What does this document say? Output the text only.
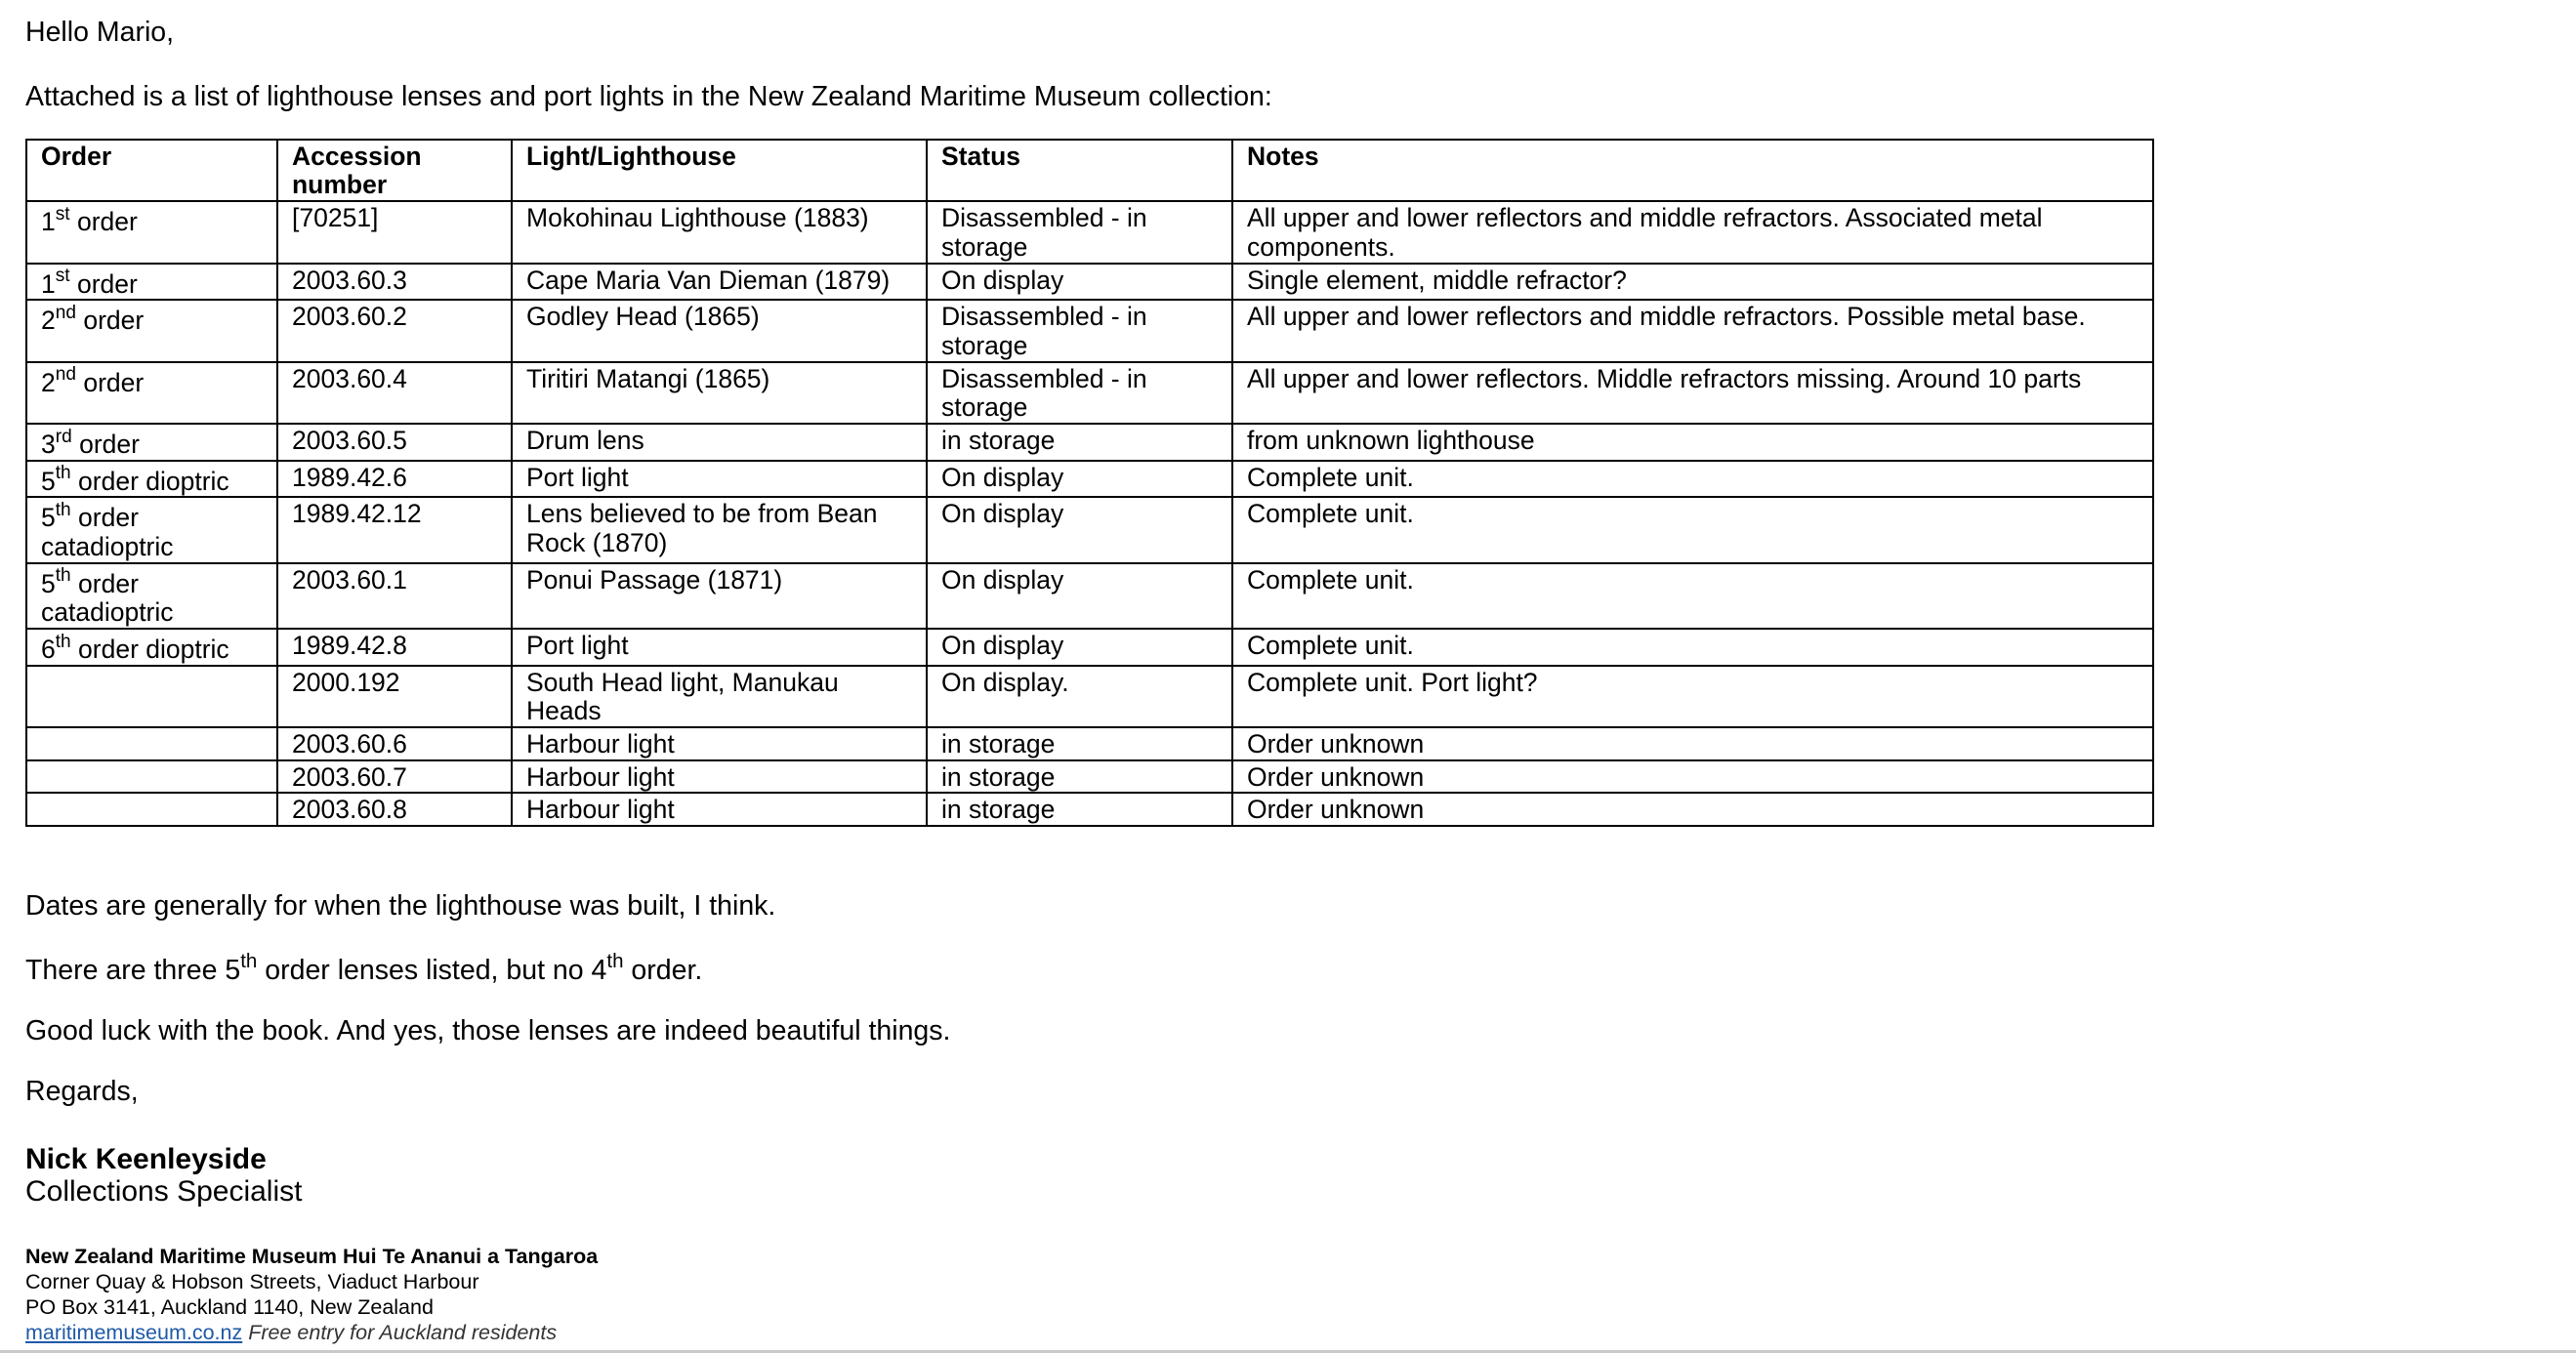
Hello Mario,

Attached is a list of lighthouse lenses and port lights in the New Zealand Maritime Museum collection:

Order	Accession number	Light/Lighthouse	Status	Notes
1st order	[70251]	Mokohinau Lighthouse (1883)	Disassembled - in storage	All upper and lower reflectors and middle refractors. Associated metal components.
1st order	2003.60.3	Cape Maria Van Dieman (1879)	On display	Single element, middle refractor?
2nd order	2003.60.2	Godley Head (1865)	Disassembled - in storage	All upper and lower reflectors and middle refractors. Possible metal base.
2nd order	2003.60.4	Tiritiri Matangi (1865)	Disassembled - in storage	All upper and lower reflectors. Middle refractors missing. Around 10 parts
3rd order	2003.60.5	Drum lens	in storage	from unknown lighthouse
5th order dioptric	1989.42.6	Port light	On display	Complete unit.
5th order catadioptric	1989.42.12	Lens believed to be from Bean Rock (1870)	On display	Complete unit.
5th order catadioptric	2003.60.1	Ponui Passage (1871)	On display	Complete unit.
6th order dioptric	1989.42.8	Port light	On display	Complete unit.
	2000.192	South Head light, Manukau Heads	On display.	Complete unit. Port light?
	2003.60.6	Harbour light	in storage	Order unknown
	2003.60.7	Harbour light	in storage	Order unknown
	2003.60.8	Harbour light	in storage	Order unknown

Dates are generally for when the lighthouse was built, I think.

There are three 5th order lenses listed, but no 4th order.

Good luck with the book. And yes, those lenses are indeed beautiful things.

Regards,

Nick Keenleyside

Collections Specialist

New Zealand Maritime Museum Hui Te Ananui a Tangaroa
Corner Quay & Hobson Streets, Viaduct Harbour
PO Box 3141, Auckland 1140, New Zealand
maritimemuseum.co.nz Free entry for Auckland residents
